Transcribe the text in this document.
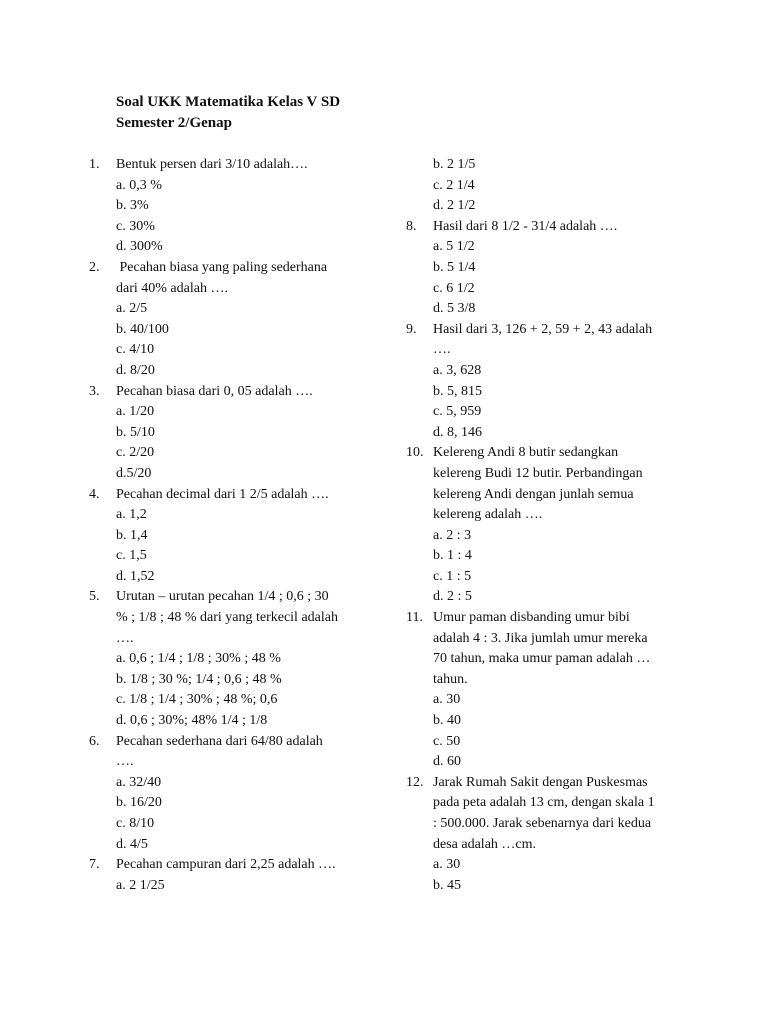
Soal UKK Matematika Kelas V SD
Semester 2/Genap
1. Bentuk persen dari 3/10 adalah….
a. 0,3 %
b. 3%
c. 30%
d. 300%
2. Pecahan biasa yang paling sederhana
dari 40% adalah ….
a. 2/5
b. 40/100
c. 4/10
d. 8/20
3. Pecahan biasa dari 0, 05 adalah ….
a. 1/20
b. 5/10
c. 2/20
d.5/20
4. Pecahan decimal dari 1 2/5 adalah ….
a. 1,2
b. 1,4
c. 1,5
d. 1,52
5. Urutan – urutan pecahan 1/4 ; 0,6 ; 30
% ; 1/8 ; 48 % dari yang terkecil adalah
….
a. 0,6 ; 1/4 ; 1/8 ; 30% ; 48 %
b. 1/8 ; 30 %; 1/4 ; 0,6 ; 48 %
c. 1/8 ; 1/4 ; 30% ; 48 %; 0,6
d. 0,6 ; 30%; 48% 1/4 ; 1/8
6. Pecahan sederhana dari 64/80 adalah
….
a. 32/40
b. 16/20
c. 8/10
d. 4/5
7. Pecahan campuran dari 2,25 adalah ….
a. 2 1/25
b. 2 1/5
c. 2 1/4
d. 2 1/2
8. Hasil dari 8 1/2 - 31/4 adalah ….
a. 5 1/2
b. 5 1/4
c. 6 1/2
d. 5 3/8
9. Hasil dari 3, 126 + 2, 59 + 2, 43 adalah
….
a. 3, 628
b. 5, 815
c. 5, 959
d. 8, 146
10. Kelereng Andi 8 butir sedangkan
kelereng Budi 12 butir. Perbandingan
kelereng Andi dengan junlah semua
kelereng adalah ….
a. 2 : 3
b. 1 : 4
c. 1 : 5
d. 2 : 5
11. Umur paman disbanding umur bibi
adalah 4 : 3. Jika jumlah umur mereka
70 tahun, maka umur paman adalah …
tahun.
a. 30
b. 40
c. 50
d. 60
12. Jarak Rumah Sakit dengan Puskesmas
pada peta adalah 13 cm, dengan skala 1
: 500.000. Jarak sebenarnya dari kedua
desa adalah …cm.
a. 30
b. 45
